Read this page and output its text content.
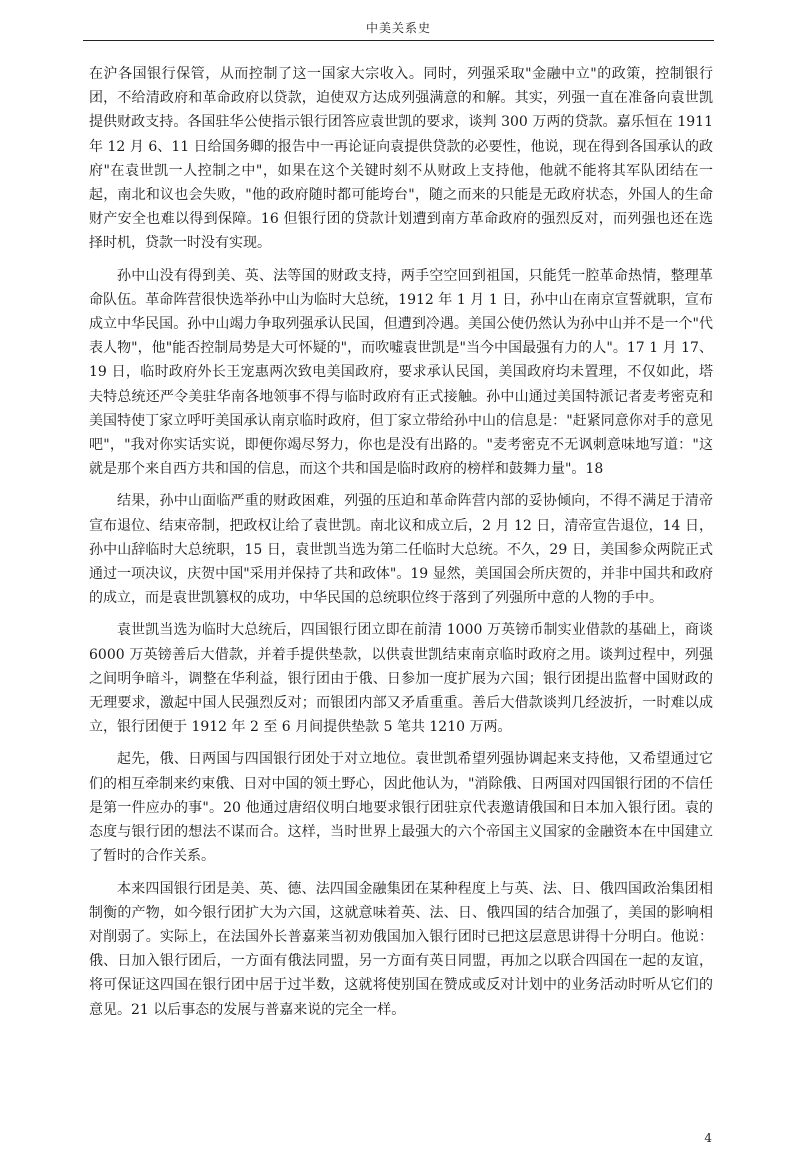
中美关系史

在沪各国银行保管，从而控制了这一国家大宗收入。同时，列强采取"金融中立"的政策，控制银行团，不给清政府和革命政府以贷款，迫使双方达成列强满意的和解。其实，列强一直在准备向袁世凯提供财政支持。各国驻华公使指示银行团答应袁世凯的要求，谈判 300 万两的贷款。嘉乐恒在 1911 年 12 月 6、11 日给国务卿的报告中一再论证向袁提供贷款的必要性，他说，现在得到各国承认的政府"在袁世凯一人控制之中"，如果在这个关键时刻不从财政上支持他，他就不能将其军队团结在一起，南北和议也会失败，"他的政府随时都可能垮台"，随之而来的只能是无政府状态，外国人的生命财产安全也难以得到保障。16 但银行团的贷款计划遭到南方革命政府的强烈反对，而列强也还在选择时机，贷款一时没有实现。

孙中山没有得到美、英、法等国的财政支持，两手空空回到祖国，只能凭一腔革命热情，整理革命队伍。革命阵营很快选举孙中山为临时大总统，1912 年 1 月 1 日，孙中山在南京宣誓就职，宣布成立中华民国。孙中山竭力争取列强承认民国，但遭到冷遇。美国公使仍然认为孙中山并不是一个"代表人物"，他"能否控制局势是大可怀疑的"，而吹嘘袁世凯是"当今中国最强有力的人"。17 1 月 17、19 日，临时政府外长王宠惠两次致电美国政府，要求承认民国，美国政府均未置理，不仅如此，塔夫特总统还严令美驻华南各地领事不得与临时政府有正式接触。孙中山通过美国特派记者麦考密克和美国特使丁家立呼吁美国承认南京临时政府，但丁家立带给孙中山的信息是："赶紧同意你对手的意见吧"，"我对你实话实说，即便你竭尽努力，你也是没有出路的。"麦考密克不无讽刺意味地写道："这就是那个来自西方共和国的信息，而这个共和国是临时政府的榜样和鼓舞力量"。18

结果，孙中山面临严重的财政困难，列强的压迫和革命阵营内部的妥协倾向，不得不满足于清帝宣布退位、结束帝制，把政权让给了袁世凯。南北议和成立后，2 月 12 日，清帝宣告退位，14 日，孙中山辞临时大总统职，15 日，袁世凯当选为第二任临时大总统。不久，29 日，美国参众两院正式通过一项决议，庆贺中国"采用并保持了共和政体"。19 显然，美国国会所庆贺的，并非中国共和政府的成立，而是袁世凯篡权的成功，中华民国的总统职位终于落到了列强所中意的人物的手中。

袁世凯当选为临时大总统后，四国银行团立即在前清 1000 万英镑币制实业借款的基础上，商谈 6000 万英镑善后大借款，并着手提供垫款，以供袁世凯结束南京临时政府之用。谈判过程中，列强之间明争暗斗，调整在华利益，银行团由于俄、日参加一度扩展为六国；银行团提出监督中国财政的无理要求，激起中国人民强烈反对；而银团内部又矛盾重重。善后大借款谈判几经波折，一时难以成立，银行团便于 1912 年 2 至 6 月间提供垫款 5 笔共 1210 万两。

起先，俄、日两国与四国银行团处于对立地位。袁世凯希望列强协调起来支持他，又希望通过它们的相互牵制来约束俄、日对中国的领土野心，因此他认为，"消除俄、日两国对四国银行团的不信任是第一件应办的事"。20 他通过唐绍仪明白地要求银行团驻京代表邀请俄国和日本加入银行团。袁的态度与银行团的想法不谋而合。这样，当时世界上最强大的六个帝国主义国家的金融资本在中国建立了暂时的合作关系。

本来四国银行团是美、英、德、法四国金融集团在某种程度上与英、法、日、俄四国政治集团相制衡的产物，如今银行团扩大为六国，这就意味着英、法、日、俄四国的结合加强了，美国的影响相对削弱了。实际上，在法国外长普嘉莱当初劝俄国加入银行团时已把这层意思讲得十分明白。他说：俄、日加入银行团后，一方面有俄法同盟，另一方面有英日同盟，再加之以联合四国在一起的友谊，将可保证这四国在银行团中居于过半数，这就将使别国在赞成或反对计划中的业务活动时听从它们的意见。21 以后事态的发展与普嘉来说的完全一样。

4
